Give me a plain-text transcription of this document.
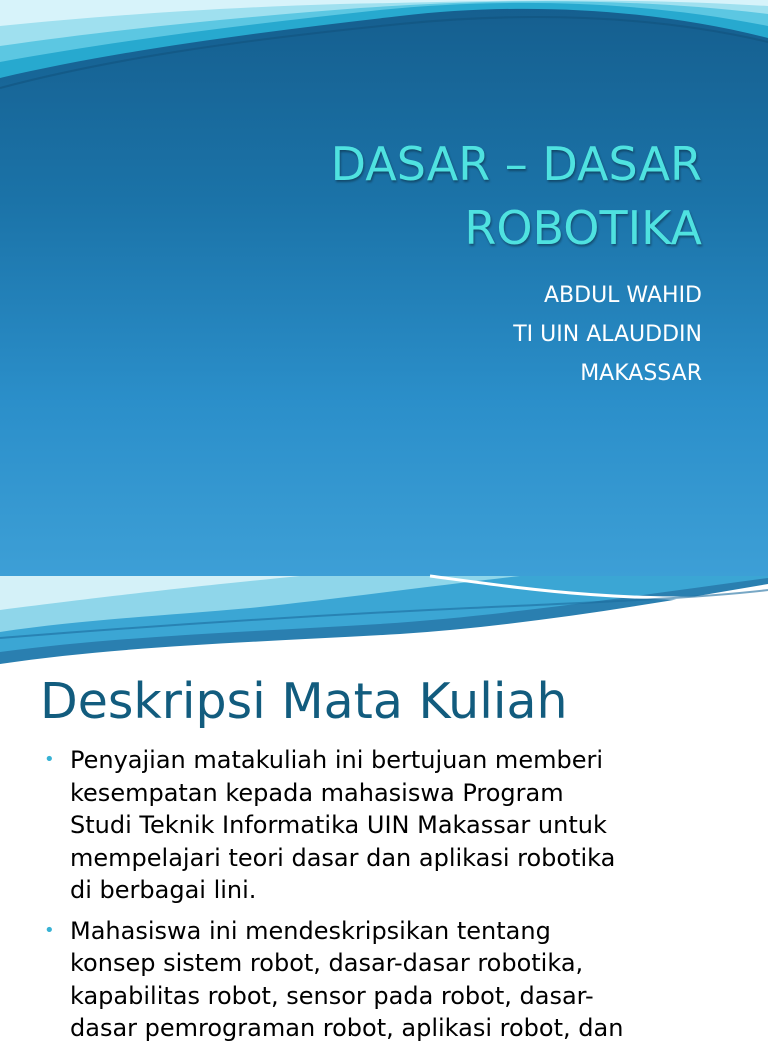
DASAR – DASAR
ROBOTIKA
ABDUL WAHID
TI UIN ALAUDDIN
MAKASSAR
Deskripsi Mata Kuliah
• Penyajian matakuliah ini bertujuan memberi
kesempatan kepada mahasiswa Program
Studi Teknik Informatika UIN Makassar untuk
mempelajari teori dasar dan aplikasi robotika
di berbagai lini.
• Mahasiswa ini mendeskripsikan tentang
konsep sistem robot, dasar-dasar robotika,
kapabilitas robot, sensor pada robot, dasar-
dasar pemrograman robot, aplikasi robot, dan
